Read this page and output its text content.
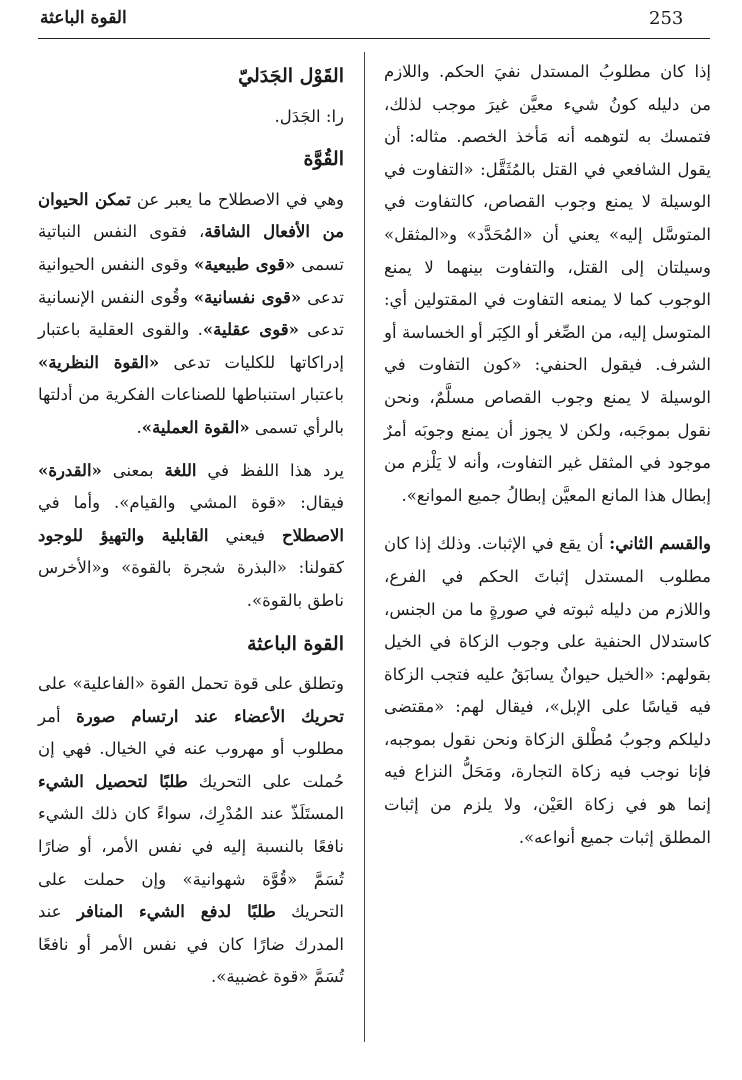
253
القوة الباعثة

إذا كان مطلوبُ المستدل نفيَ الحكم. واللازم من دليله كونُ شيء معيَّن غيرَ موجب لذلك، فتمسك به لتوهمه أنه مَأخذ الخصم. مثاله: أن يقول الشافعي في القتل بالمُثَقَّل: «التفاوت في الوسيلة لا يمنع وجوب القصاص، كالتفاوت في المتوسَّل إليه» يعني أن «المُحَدَّد» و«المثقل» وسيلتان إلى القتل، والتفاوت بينهما لا يمنع الوجوب كما لا يمنعه التفاوت في المقتولين أي: المتوسل إليه، من الصِّغر أو الكِبَر أو الخساسة أو الشرف. فيقول الحنفي: «كون التفاوت في الوسيلة لا يمنع وجوب القصاص مسلَّمٌ، ونحن نقول بموجَبه، ولكن لا يجوز أن يمنع وجوبَه أمرٌ موجود في المثقل غير التفاوت، وأنه لا يَلْزم من إبطال هذا المانع المعيَّن إبطالُ جميع الموانع».

والقسم الثاني: أن يقع في الإثبات. وذلك إذا كان مطلوب المستدل إثباتَ الحكم في الفرع، واللازم من دليله ثبوته في صورةٍ ما من الجنس، كاستدلال الحنفية على وجوب الزكاة في الخيل بقولهم: «الخيل حيوانٌ يسابَقُ عليه فتجب الزكاة فيه قياسًا على الإبل»، فيقال لهم: «مقتضى دليلكم وجوبُ مُطْلق الزكاة ونحن نقول بموجبه، فإنا نوجب فيه زكاة التجارة، ومَحَلُّ النزاع فيه إنما هو في زكاة العَيْن، ولا يلزم من إثبات المطلق إثبات جميع أنواعه».

القَوْل الجَدَليّ

را: الجَدَل.

القُوَّة

وهي في الاصطلاح ما يعبر عن تمكن الحيوان من الأفعال الشاقة، فقوى النفس النباتية تسمى «قوى طبيعية» وقوى النفس الحيوانية تدعى «قوى نفسانية» وقُوى النفس الإنسانية تدعى «قوى عقلية». والقوى العقلية باعتبار إدراكاتها للكليات تدعى «القوة النظرية» باعتبار استنباطها للصناعات الفكرية من أدلتها بالرأي تسمى «القوة العملية».

يرد هذا اللفظ في اللغة بمعنى «القدرة» فيقال: «قوة المشي والقيام». وأما في الاصطلاح فيعني القابلية والتهيؤ للوجود كقولنا: «البذرة شجرة بالقوة» و«الأخرس ناطق بالقوة».

القوة الباعثة

وتطلق على قوة تحمل القوة «الفاعلية» على تحريك الأعضاء عند ارتسام صورة أمر مطلوب أو مهروب عنه في الخيال. فهي إن حُملت على التحريك طلبًا لتحصيل الشيء المستَلَذّ عند المُدْرِك، سواءً كان ذلك الشيء نافعًا بالنسبة إليه في نفس الأمر، أو ضارًا تُسَمَّ «قُوَّة شهوانية» وإن حملت على التحريك طلبًا لدفع الشيء المنافر عند المدرك ضارًا كان في نفس الأمر أو نافعًا تُسَمَّ «قوة غضبية».
